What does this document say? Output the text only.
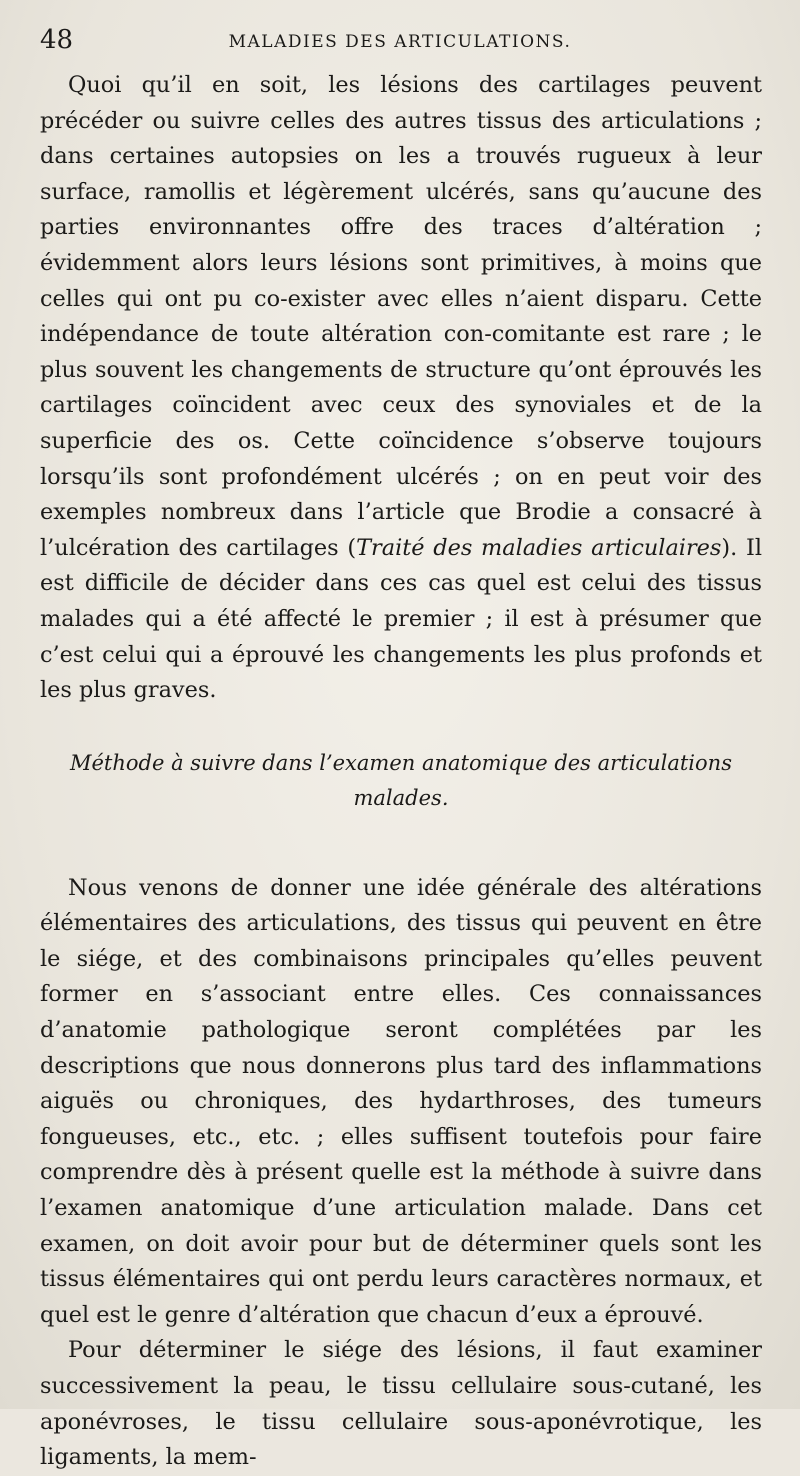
48	MALADIES DES ARTICULATIONS.

Quoi qu’il en soit, les lésions des cartilages peuvent précéder ou suivre celles des autres tissus des articulations ; dans certaines autopsies on les a trouvés rugueux à leur surface, ramollis et légèrement ulcérés, sans qu’aucune des parties environnantes offre des traces d’altération ; évidemment alors leurs lésions sont primitives, à moins que celles qui ont pu co-exister avec elles n’aient disparu. Cette indépendance de toute altération con-comitante est rare ; le plus souvent les changements de structure qu’ont éprouvés les cartilages coïncident avec ceux des synoviales et de la superficie des os. Cette coïncidence s’observe toujours lorsqu’ils sont profondément ulcérés ; on en peut voir des exemples nombreux dans l’article que Brodie a consacré à l’ulcération des cartilages (Traité des maladies articulaires). Il est difficile de décider dans ces cas quel est celui des tissus malades qui a été affecté le premier ; il est à présumer que c’est celui qui a éprouvé les changements les plus profonds et les plus graves.

Méthode à suivre dans l’examen anatomique des articulations malades.

Nous venons de donner une idée générale des altérations élémentaires des articulations, des tissus qui peuvent en être le siége, et des combinaisons principales qu’elles peuvent former en s’associant entre elles. Ces connaissances d’anatomie pathologique seront complétées par les descriptions que nous donnerons plus tard des inflammations aiguës ou chroniques, des hydarthroses, des tumeurs fongueuses, etc., etc. ; elles suffisent toutefois pour faire comprendre dès à présent quelle est la méthode à suivre dans l’examen anatomique d’une articulation malade. Dans cet examen, on doit avoir pour but de déterminer quels sont les tissus élémentaires qui ont perdu leurs caractères normaux, et quel est le genre d’altération que chacun d’eux a éprouvé.

Pour déterminer le siége des lésions, il faut examiner successivement la peau, le tissu cellulaire sous-cutané, les aponévroses, le tissu cellulaire sous-aponévrotique, les ligaments, la mem-
